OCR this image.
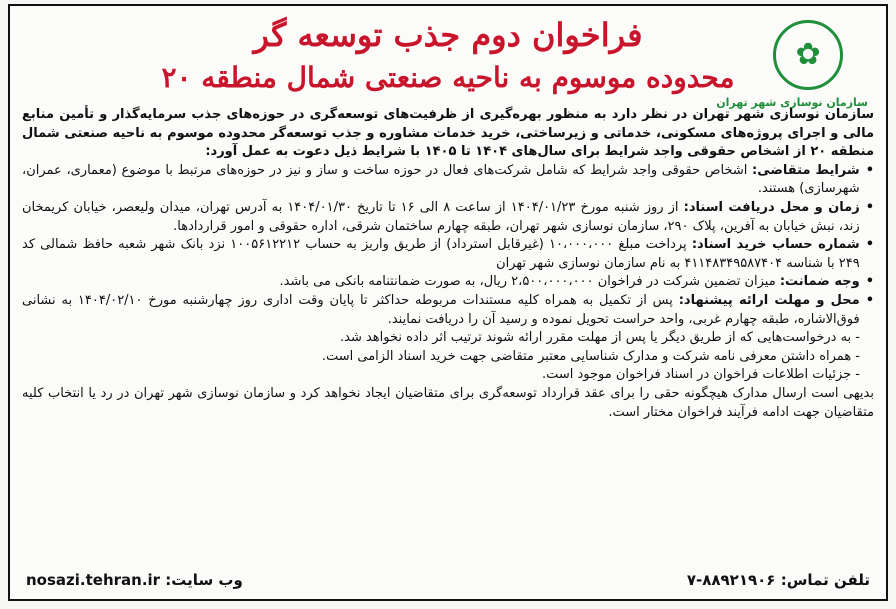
✿
سازمان نوسازی شهر تهران
فراخوان دوم جذب توسعه گر
محدوده موسوم به ناحیه صنعتی شمال منطقه ۲۰

سازمان نوسازی شهر تهران در نظر دارد به منظور بهره‌گیری از ظرفیت‌های توسعه‌گری در حوزه‌های جذب سرمایه‌گذار و تأمین منابع مالی و اجرای پروژه‌های مسکونی، خدماتی و زیرساختی، خرید خدمات مشاوره و جذب توسعه‌گر محدوده موسوم به ناحیه صنعتی شمال منطقه ۲۰ از اشخاص حقوقی واجد شرایط برای سال‌های ۱۴۰۴ تا ۱۴۰۵ با شرایط ذیل دعوت به عمل آورد:

•

شرایط متقاضی: اشخاص حقوقی واجد شرایط که شامل شرکت‌های فعال در حوزه ساخت و ساز و نیز در حوزه‌های مرتبط با موضوع (معماری، عمران، شهرسازی) هستند.

•

زمان و محل دریافت اسناد: از روز شنبه مورخ ۱۴۰۴/۰۱/۲۳ از ساعت ۸ الی ۱۶ تا تاریخ ۱۴۰۴/۰۱/۳۰ به آدرس تهران، میدان ولیعصر، خیابان کریمخان زند، نبش خیابان به آفرین، پلاک ۲۹۰، سازمان نوسازی شهر تهران، طبقه چهارم ساختمان شرقی، اداره حقوقی و امور قراردادها.

•

شماره حساب خرید اسناد: پرداخت مبلغ ۱۰،۰۰۰،۰۰۰ (غیرقابل استرداد) از طریق واریز به حساب ۱۰۰۵۶۱۲۲۱۲ نزد بانک شهر شعبه حافظ شمالی کد ۲۴۹ با شناسه ۴۱۱۴۸۳۴۹۵۸۷۴۰۴ به نام سازمان نوسازی شهر تهران

•

وجه ضمانت: میزان تضمین شرکت در فراخوان ۲،۵۰۰،۰۰۰،۰۰۰ ریال، به صورت ضمانتنامه بانکی می باشد.

•

محل و مهلت ارائه پیشنهاد: پس از تکمیل به همراه کلیه مستندات مربوطه حداکثر تا پایان وقت اداری روز چهارشنبه مورخ ۱۴۰۴/۰۲/۱۰ به نشانی فوق‌الاشاره، طبقه چهارم غربی، واحد حراست تحویل نموده و رسید آن را دریافت نمایند.

- به درخواست‌هایی که از طریق دیگر یا پس از مهلت مقرر ارائه شوند ترتیب اثر داده نخواهد شد.

- همراه داشتن معرفی نامه شرکت و مدارک شناسایی معتبر متقاضی جهت خرید اسناد الزامی است.

- جزئیات اطلاعات فراخوان در اسناد فراخوان موجود است.

بدیهی است ارسال مدارک هیچگونه حقی را برای عقد قرارداد توسعه‌گری برای متقاضیان ایجاد نخواهد کرد و سازمان نوسازی شهر تهران در رد یا انتخاب کلیه متقاضیان جهت ادامه فرآیند فراخوان مختار است.

تلفن تماس: ۸۸۹۲۱۹۰۶-۷
وب سایت: nosazi.tehran.ir
